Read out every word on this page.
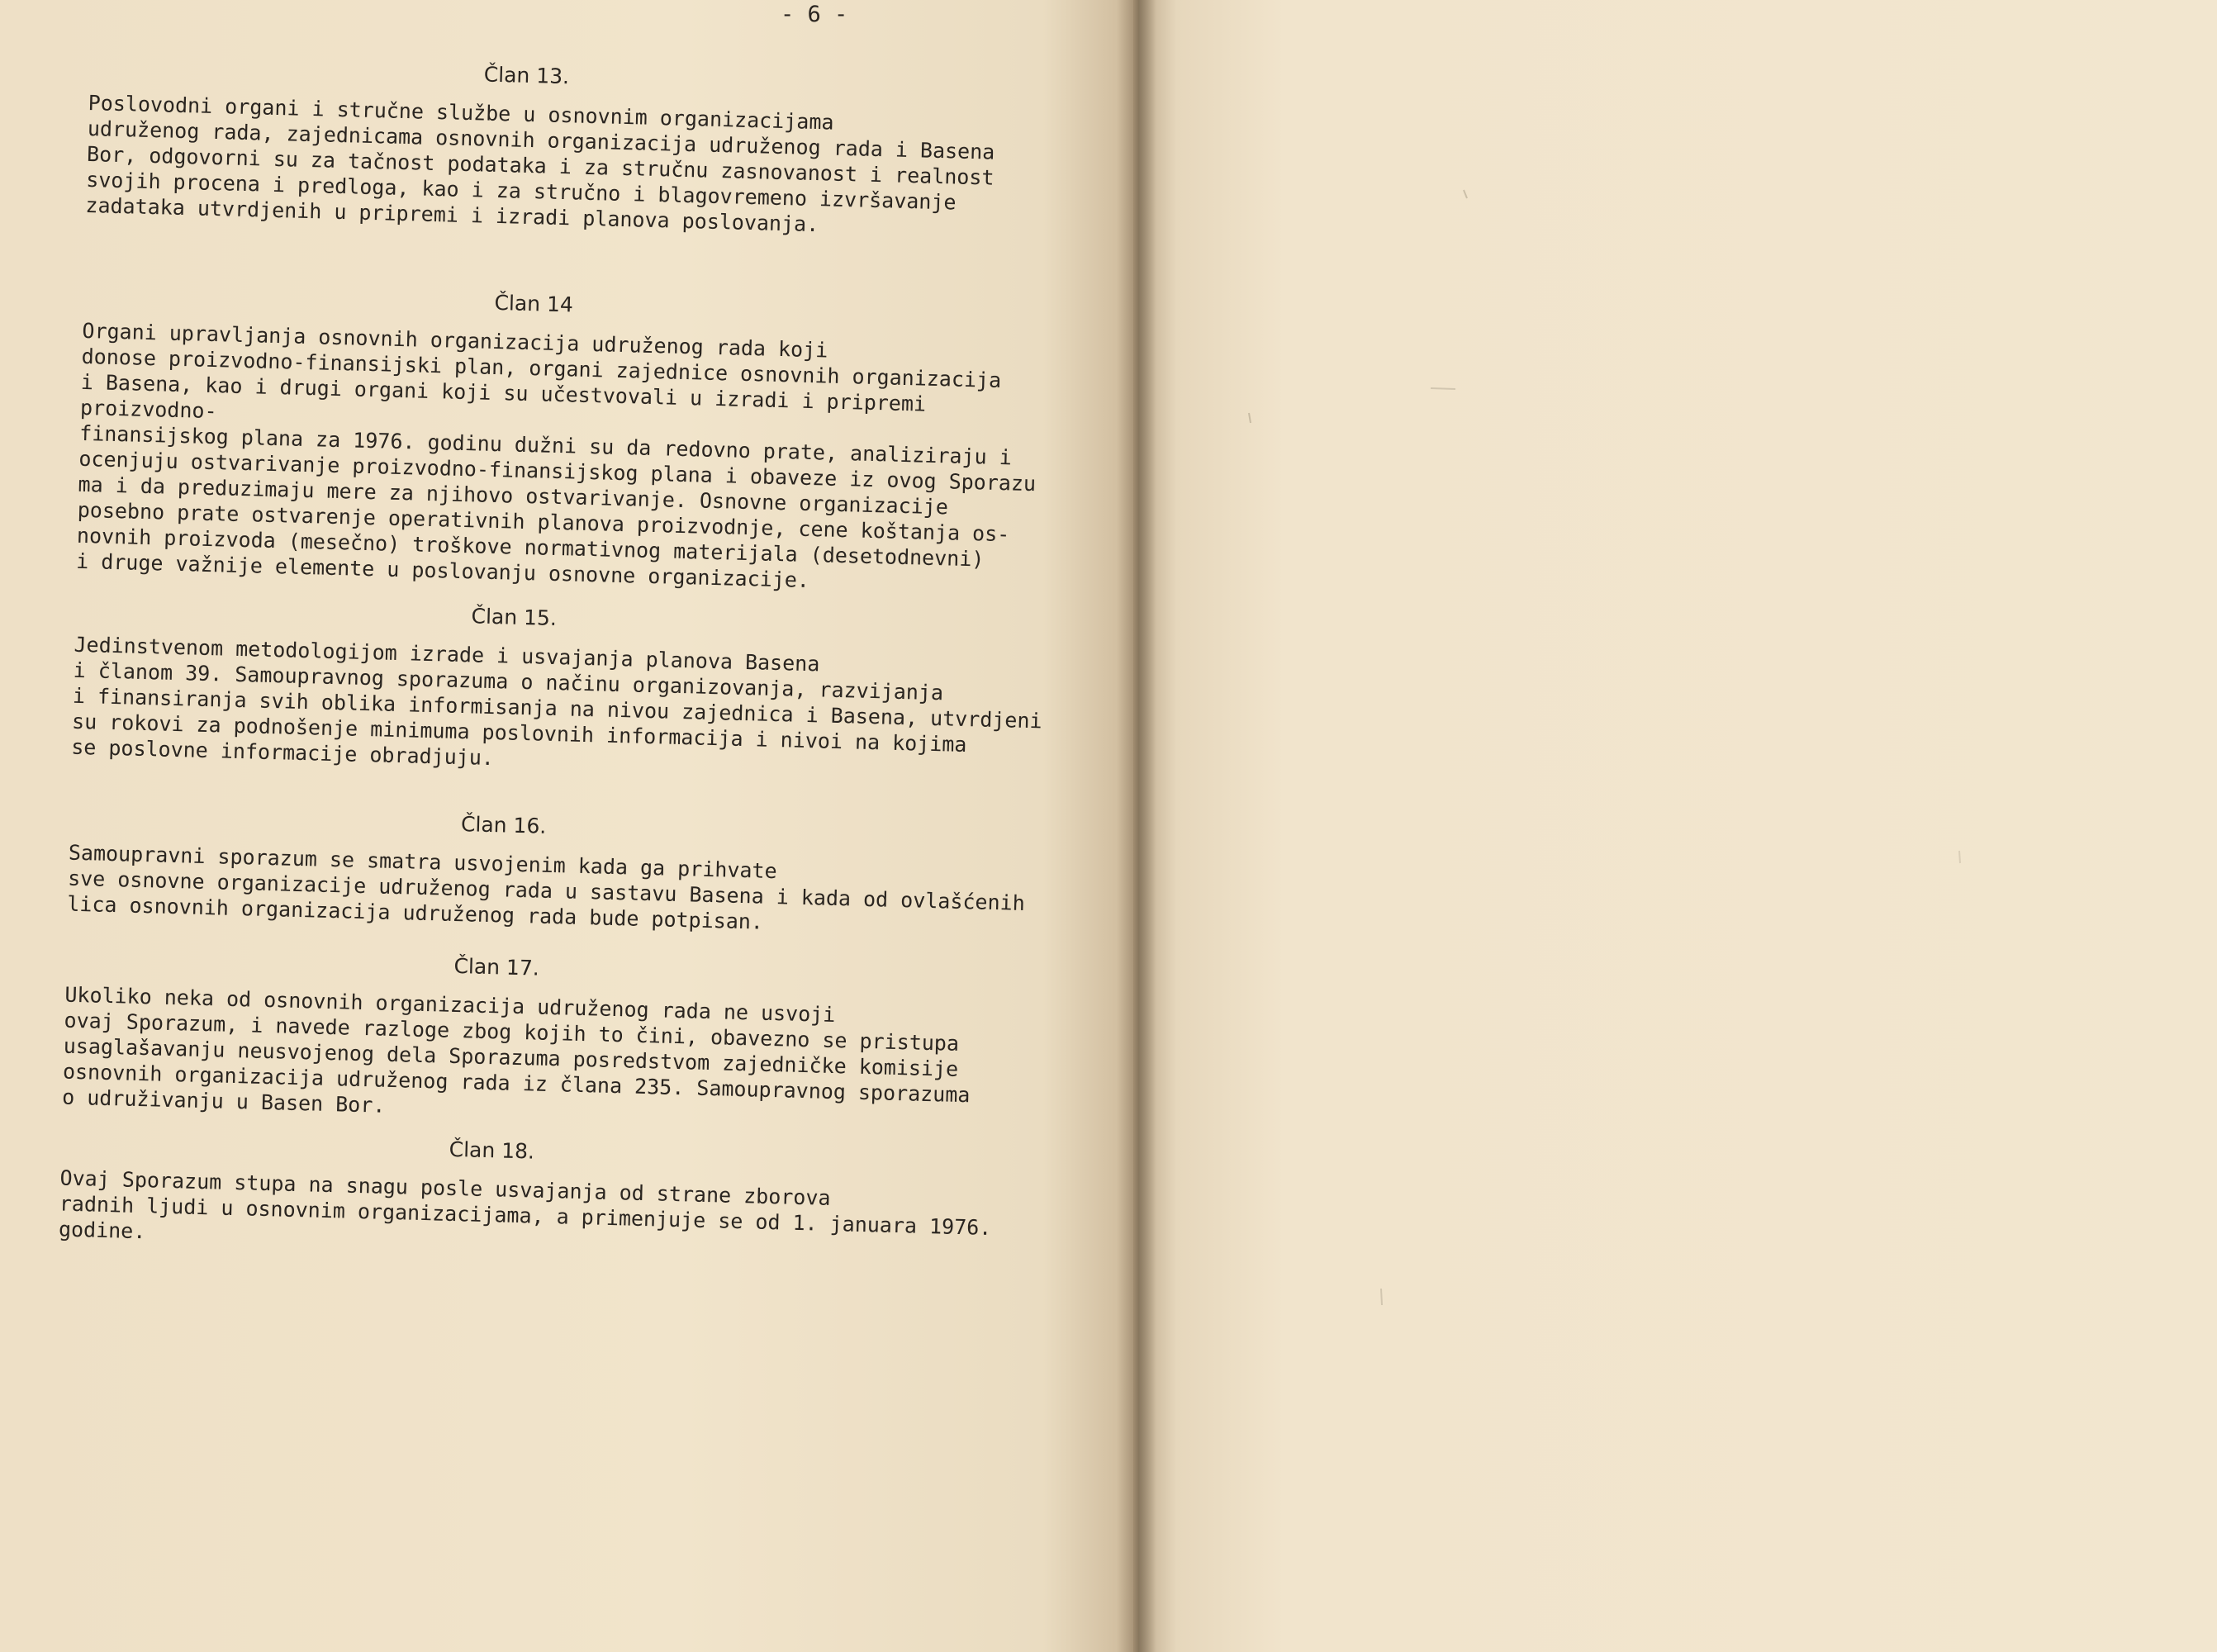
- 6 -
Član 13.

Poslovodni organi i stručne službe u osnovnim organizacijama
udruženog rada, zajednicama osnovnih organizacija udruženog rada i Basena
Bor, odgovorni su za tačnost podataka i za stručnu zasnovanost i realnost
svojih procena i predloga, kao i za stručno i blagovremeno izvršavanje
zadataka utvrdjenih u pripremi i izradi planova poslovanja.

Član 14

Organi upravljanja osnovnih organizacija udruženog rada koji
donose proizvodno-finansijski plan, organi zajednice osnovnih organizacija
i Basena, kao i drugi organi koji su učestvovali u izradi i pripremi proizvodno-
finansijskog plana za 1976. godinu dužni su da redovno prate, analiziraju i
ocenjuju ostvarivanje proizvodno-finansijskog plana i obaveze iz ovog Sporazu
ma i da preduzimaju mere za njihovo ostvarivanje. Osnovne organizacije
posebno prate ostvarenje operativnih planova proizvodnje, cene koštanja os-
novnih proizvoda (mesečno) troškove normativnog materijala (desetodnevni)
i druge važnije elemente u poslovanju osnovne organizacije.

Član 15.

Jedinstvenom metodologijom izrade i usvajanja planova Basena
i članom 39. Samoupravnog sporazuma o načinu organizovanja, razvijanja
i finansiranja svih oblika informisanja na nivou zajednica i Basena, utvrdjeni
su rokovi za podnošenje minimuma poslovnih informacija i nivoi na kojima
se poslovne informacije obradjuju.

Član 16.

Samoupravni sporazum se smatra usvojenim kada ga prihvate
sve osnovne organizacije udruženog rada u sastavu Basena i kada od ovlašćenih
lica osnovnih organizacija udruženog rada bude potpisan.

Član 17.

Ukoliko neka od osnovnih organizacija udruženog rada ne usvoji
ovaj Sporazum, i navede razloge zbog kojih to čini, obavezno se pristupa
usaglašavanju neusvojenog dela Sporazuma posredstvom zajedničke komisije
osnovnih organizacija udruženog rada iz člana 235. Samoupravnog sporazuma
o udruživanju u Basen Bor.

Član 18.

Ovaj Sporazum stupa na snagu posle usvajanja od strane zborova
radnih ljudi u osnovnim organizacijama, a primenjuje se od 1. januara 1976.
godine.
